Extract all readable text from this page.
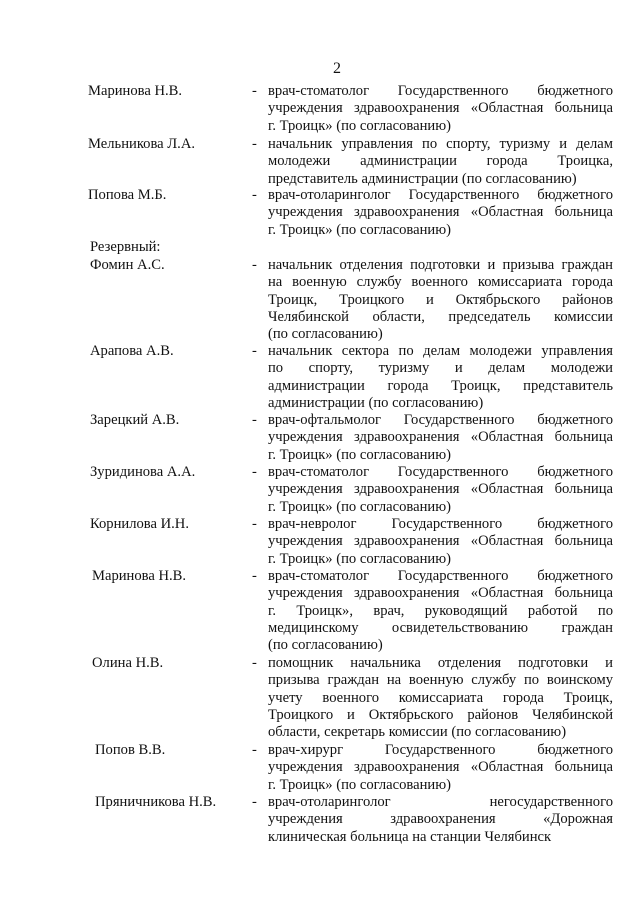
2
Резервный:
Маринова Н.В.	- врач-стоматолог Государственного бюджетного
учреждения здравоохранения «Областная больница
г. Троицк» (по согласованию)
Мельникова Л.А.	- начальник управления по спорту, туризму и делам
молодежи администрации города Троицка,
представитель администрации (по согласованию)
Попова М.Б.	- врач-отоларинголог Государственного бюджетного
учреждения здравоохранения «Областная больница
г. Троицк» (по согласованию)
Фомин А.С.	- начальник отделения подготовки и призыва граждан
на военную службу военного комиссариата города
Троицк, Троицкого и Октябрьского районов
Челябинской области, председатель комиссии
(по согласованию)
Арапова А.В.	- начальник сектора по делам молодежи управления
по спорту, туризму и делам молодежи
администрации города Троицк, представитель
администрации (по согласованию)
Зарецкий А.В.	- врач-офтальмолог Государственного бюджетного
учреждения здравоохранения «Областная больница
г. Троицк» (по согласованию)
Зуридинова А.А.	- врач-стоматолог Государственного бюджетного
учреждения здравоохранения «Областная больница
г. Троицк» (по согласованию)
Корнилова И.Н.	- врач-невролог Государственного бюджетного
учреждения здравоохранения «Областная больница
г. Троицк» (по согласованию)
Маринова Н.В.	- врач-стоматолог Государственного бюджетного
учреждения здравоохранения «Областная больница
г. Троицк», врач, руководящий работой по
медицинскому освидетельствованию граждан
(по согласованию)
Олина Н.В.	- помощник начальника отделения подготовки и
призыва граждан на военную службу по воинскому
учету военного комиссариата города Троицк,
Троицкого и Октябрьского районов Челябинской
области, секретарь комиссии (по согласованию)
Попов В.В.	- врач-хирург Государственного бюджетного
учреждения здравоохранения «Областная больница
г. Троицк» (по согласованию)
Пряничникова Н.В. - врач-отоларинголог негосударственного
учреждения здравоохранения «Дорожная
клиническая больница на станции Челябинск
